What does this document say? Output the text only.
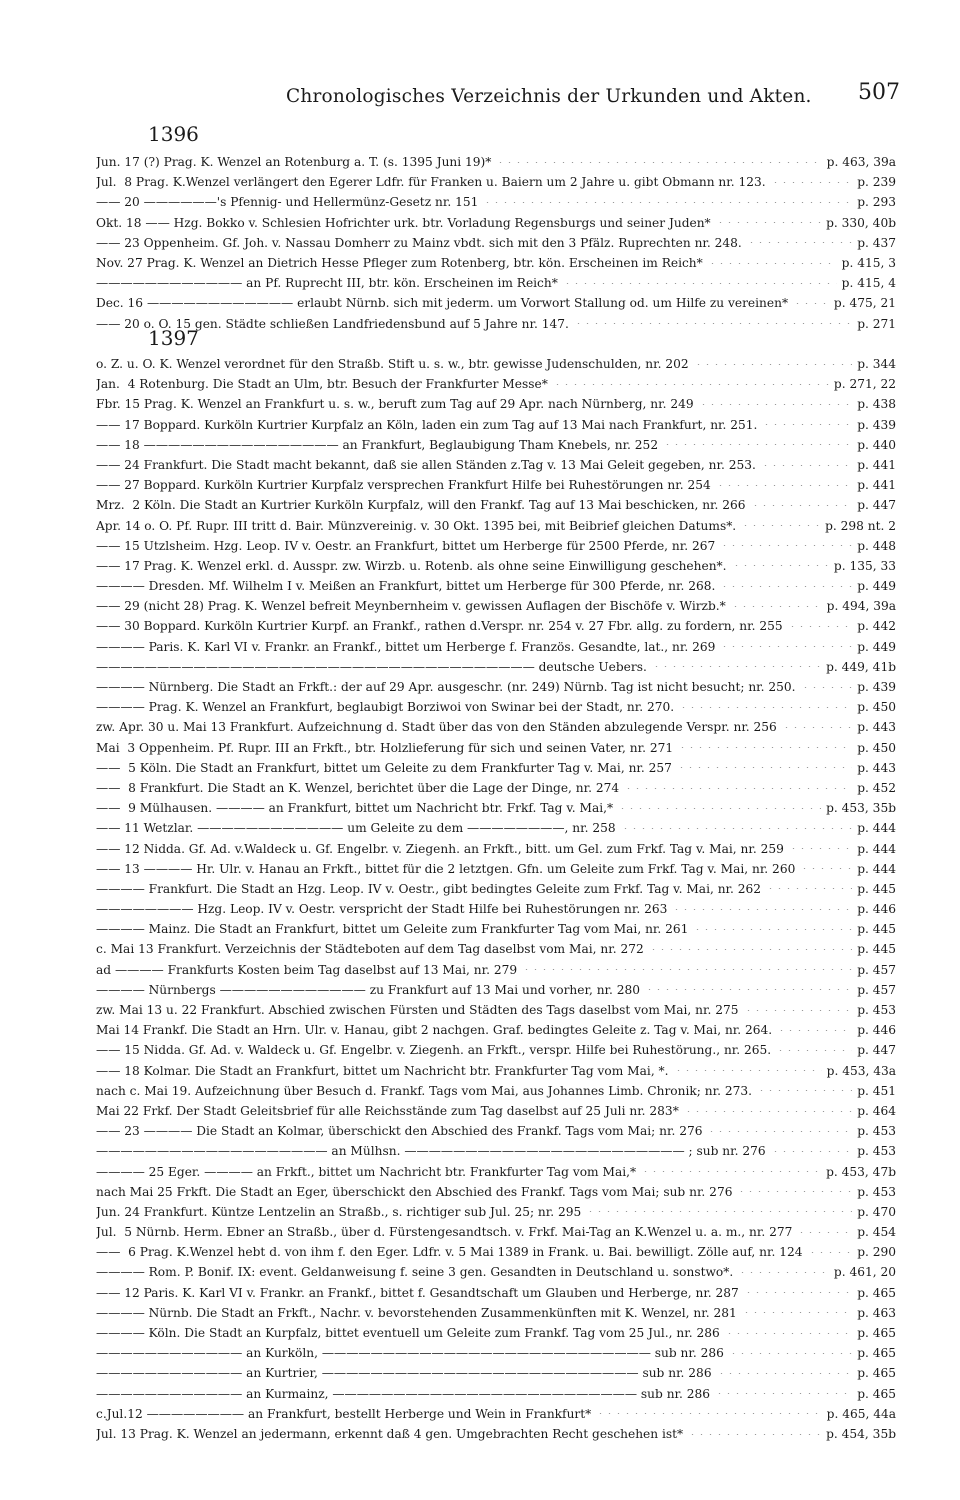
Chronologisches Verzeichnis der Urkunden und Akten. 507
1396
Jun. 17 (?) Prag. K. Wenzel an Rotenburg a. T. (s. 1395 Juni 19)*	p. 463, 39a
Jul.  8 Prag. K.Wenzel verlängert den Egerer Ldfr. für Franken u. Baiern um 2 Jahre u. gibt Obmann nr. 123.	p. 239
—— 20 ——————'s Pfennig- und Hellermünz-Gesetz nr. 151	p. 293
Okt. 18 —— Hzg. Bokko v. Schlesien Hofrichter urk. btr. Vorladung Regensburgs und seiner Juden*	p. 330, 40b
—— 23 Oppenheim. Gf. Joh. v. Nassau Domherr zu Mainz vbdt. sich mit den 3 Pfälz. Ruprechten nr. 248.	p. 437
Nov. 27 Prag. K. Wenzel an Dietrich Hesse Pfleger zum Rotenberg, btr. kön. Erscheinen im Reich*	p. 415, 3
———————————— an Pf. Ruprecht III, btr. kön. Erscheinen im Reich*	p. 415, 4
Dec. 16 ———————————— erlaubt Nürnb. sich mit jederm. um Vorwort Stallung od. um Hilfe zu vereinen*	p. 475, 21
—— 20 o. O. 15 gen. Städte schließen Landfriedensbund auf 5 Jahre nr. 147.	p. 271
1397
o. Z. u. O. K. Wenzel verordnet für den Straßb. Stift u. s. w., btr. gewisse Judenschulden, nr. 202	p. 344
Jan.  4 Rotenburg. Die Stadt an Ulm, btr. Besuch der Frankfurter Messe*	p. 271, 22
Fbr. 15 Prag. K. Wenzel an Frankfurt u. s. w., beruft zum Tag auf 29 Apr. nach Nürnberg, nr. 249	p. 438
—— 17 Boppard. Kurköln Kurtrier Kurpfalz an Köln, laden ein zum Tag auf 13 Mai nach Frankfurt, nr. 251.	p. 439
—— 18 ———————————————— an Frankfurt, Beglaubigung Tham Knebels, nr. 252	p. 440
—— 24 Frankfurt. Die Stadt macht bekannt, daß sie allen Ständen z.Tag v. 13 Mai Geleit gegeben, nr. 253.	p. 441
—— 27 Boppard. Kurköln Kurtrier Kurpfalz versprechen Frankfurt Hilfe bei Ruhestörungen nr. 254	p. 441
Mrz.  2 Köln. Die Stadt an Kurtrier Kurköln Kurpfalz, will den Frankf. Tag auf 13 Mai beschicken, nr. 266	p. 447
Apr. 14 o. O. Pf. Rupr. III tritt d. Bair. Münzvereinig. v. 30 Okt. 1395 bei, mit Beibrief gleichen Datums*.	p. 298 nt. 2
—— 15 Utzlsheim. Hzg. Leop. IV v. Oestr. an Frankfurt, bittet um Herberge für 2500 Pferde, nr. 267	p. 448
—— 17 Prag. K. Wenzel erkl. d. Ausspr. zw. Wirzb. u. Rotenb. als ohne seine Einwilligung geschehen*.	p. 135, 33
———— Dresden. Mf. Wilhelm I v. Meißen an Frankfurt, bittet um Herberge für 300 Pferde, nr. 268.	p. 449
—— 29 (nicht 28) Prag. K. Wenzel befreit Meynbernheim v. gewissen Auflagen der Bischöfe v. Wirzb.*	p. 494, 39a
—— 30 Boppard. Kurköln Kurtrier Kurpf. an Frankf., rathen d.Verspr. nr. 254 v. 27 Fbr. allg. zu fordern, nr. 255	p. 442
———— Paris. K. Karl VI v. Frankr. an Frankf., bittet um Herberge f. Französ. Gesandte, lat., nr. 269	p. 449
———————————————————————————————————— deutsche Uebers.	p. 449, 41b
———— Nürnberg. Die Stadt an Frkft.: der auf 29 Apr. ausgeschr. (nr. 249) Nürnb. Tag ist nicht besucht; nr. 250.	p. 439
———— Prag. K. Wenzel an Frankfurt, beglaubigt Borziwoi von Swinar bei der Stadt, nr. 270.	p. 450
zw. Apr. 30 u. Mai 13 Frankfurt. Aufzeichnung d. Stadt über das von den Ständen abzulegende Verspr. nr. 256	p. 443
Mai  3 Oppenheim. Pf. Rupr. III an Frkft., btr. Holzlieferung für sich und seinen Vater, nr. 271	p. 450
——  5 Köln. Die Stadt an Frankfurt, bittet um Geleite zu dem Frankfurter Tag v. Mai, nr. 257	p. 443
——  8 Frankfurt. Die Stadt an K. Wenzel, berichtet über die Lage der Dinge, nr. 274	p. 452
——  9 Mülhausen. ———— an Frankfurt, bittet um Nachricht btr. Frkf. Tag v. Mai,*	p. 453, 35b
—— 11 Wetzlar. ———————————— um Geleite zu dem ————————, nr. 258	p. 444
—— 12 Nidda. Gf. Ad. v.Waldeck u. Gf. Engelbr. v. Ziegenh. an Frkft., bitt. um Gel. zum Frkf. Tag v. Mai, nr. 259	p. 444
—— 13 ———— Hr. Ulr. v. Hanau an Frkft., bittet für die 2 letztgen. Gfn. um Geleite zum Frkf. Tag v. Mai, nr. 260	p. 444
———— Frankfurt. Die Stadt an Hzg. Leop. IV v. Oestr., gibt bedingtes Geleite zum Frkf. Tag v. Mai, nr. 262	p. 445
———————— Hzg. Leop. IV v. Oestr. verspricht der Stadt Hilfe bei Ruhestörungen nr. 263	p. 446
———— Mainz. Die Stadt an Frankfurt, bittet um Geleite zum Frankfurter Tag vom Mai, nr. 261	p. 445
c. Mai 13 Frankfurt. Verzeichnis der Städteboten auf dem Tag daselbst vom Mai, nr. 272	p. 445
ad ———— Frankfurts Kosten beim Tag daselbst auf 13 Mai, nr. 279	p. 457
———— Nürnbergs ———————————— zu Frankfurt auf 13 Mai und vorher, nr. 280	p. 457
zw. Mai 13 u. 22 Frankfurt. Abschied zwischen Fürsten und Städten des Tags daselbst vom Mai, nr. 275	p. 453
Mai 14 Frankf. Die Stadt an Hrn. Ulr. v. Hanau, gibt 2 nachgen. Graf. bedingtes Geleite z. Tag v. Mai, nr. 264.	p. 446
—— 15 Nidda. Gf. Ad. v. Waldeck u. Gf. Engelbr. v. Ziegenh. an Frkft., verspr. Hilfe bei Ruhestörung., nr. 265.	p. 447
—— 18 Kolmar. Die Stadt an Frankfurt, bittet um Nachricht btr. Frankfurter Tag vom Mai, *.	p. 453, 43a
nach c. Mai 19. Aufzeichnung über Besuch d. Frankf. Tags vom Mai, aus Johannes Limb. Chronik; nr. 273.	p. 451
Mai 22 Frkf. Der Stadt Geleitsbrief für alle Reichsstände zum Tag daselbst auf 25 Juli nr. 283*	p. 464
—— 23 ———— Die Stadt an Kolmar, überschickt den Abschied des Frankf. Tags vom Mai; nr. 276	p. 453
——————————————————— an Mülhsn. ——————————————————————— ; sub nr. 276	p. 453
———— 25 Eger. ———— an Frkft., bittet um Nachricht btr. Frankfurter Tag vom Mai,*	p. 453, 47b
nach Mai 25 Frkft. Die Stadt an Eger, überschickt den Abschied des Frankf. Tags vom Mai; sub nr. 276	p. 453
Jun. 24 Frankfurt. Küntze Lentzelin an Straßb., s. richtiger sub Jul. 25; nr. 295	p. 470
Jul.  5 Nürnb. Herm. Ebner an Straßb., über d. Fürstengesandtsch. v. Frkf. Mai-Tag an K.Wenzel u. a. m., nr. 277	p. 454
——  6 Prag. K.Wenzel hebt d. von ihm f. den Eger. Ldfr. v. 5 Mai 1389 in Frank. u. Bai. bewilligt. Zölle auf, nr. 124	p. 290
———— Rom. P. Bonif. IX: event. Geldanweisung f. seine 3 gen. Gesandten in Deutschland u. sonstwo*.	p. 461, 20
—— 12 Paris. K. Karl VI v. Frankr. an Frankf., bittet f. Gesandtschaft um Glauben und Herberge, nr. 287	p. 465
———— Nürnb. Die Stadt an Frkft., Nachr. v. bevorstehenden Zusammenkünften mit K. Wenzel, nr. 281	p. 463
———— Köln. Die Stadt an Kurpfalz, bittet eventuell um Geleite zum Frankf. Tag vom 25 Jul., nr. 286	p. 465
———————————— an Kurköln, ——————————————————————————— sub nr. 286	p. 465
———————————— an Kurtrier, —————————————————————————— sub nr. 286	p. 465
———————————— an Kurmainz, ————————————————————————— sub nr. 286	p. 465
c.Jul.12 ———————— an Frankfurt, bestellt Herberge und Wein in Frankfurt*	p. 465, 44a
Jul. 13 Prag. K. Wenzel an jedermann, erkennt daß 4 gen. Umgebrachten Recht geschehen ist*	p. 454, 35b
